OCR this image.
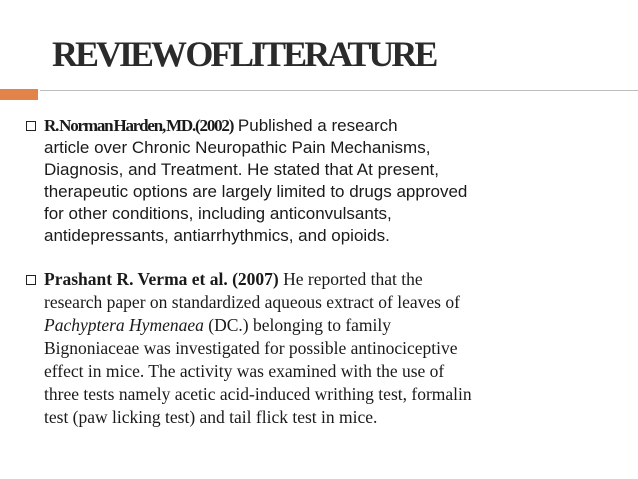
REVIEW OF LITERATURE
R. Norman Harden, MD.(2002) Published a research
article over Chronic Neuropathic Pain Mechanisms,
Diagnosis, and Treatment. He stated that At present,
therapeutic options are largely limited to drugs approved
for other conditions, including anticonvulsants,
antidepressants, antiarrhythmics, and opioids.
Prashant R. Verma et al. (2007) He reported that the
research paper on standardized aqueous extract of leaves of
Pachyptera Hymenaea (DC.) belonging to family
Bignoniaceae was investigated for possible antinociceptive
effect in mice. The activity was examined with the use of
three tests namely acetic acid-induced writhing test, formalin
test (paw licking test) and tail flick test in mice.
